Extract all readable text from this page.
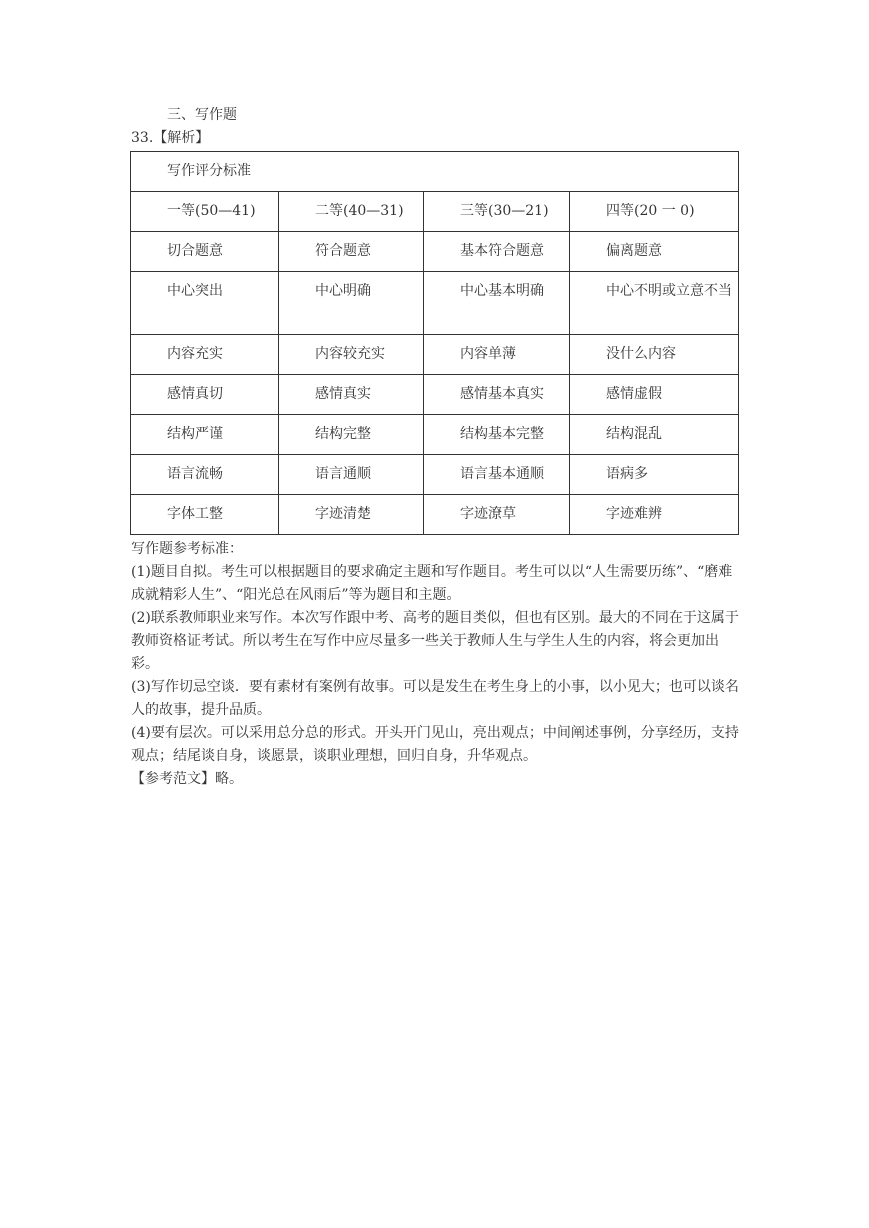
三、写作题
33.【解析】
写作评分标准			
一等(50—41)	二等(40—31)	三等(30—21)	四等(20 一 0)
切合题意	符合题意	基本符合题意	偏离题意
中心突出	中心明确	中心基本明确	中心不明或立意不当
内容充实	内容较充实	内容单薄	没什么内容
感情真切	感情真实	感情基本真实	感情虚假
结构严谨	结构完整	结构基本完整	结构混乱
语言流畅	语言通顺	语言基本通顺	语病多
字体工整	字迹清楚	字迹潦草	字迹难辨

写作题参考标准：

(1)题目自拟。考生可以根据题目的要求确定主题和写作题目。考生可以以“人生需要历练”、“磨难成就精彩人生”、“阳光总在风雨后”等为题目和主题。

(2)联系教师职业来写作。本次写作跟中考、高考的题目类似，但也有区别。最大的不同在于这属于教师资格证考试。所以考生在写作中应尽量多一些关于教师人生与学生人生的内容，将会更加出彩。

(3)写作切忌空谈．要有素材有案例有故事。可以是发生在考生身上的小事，以小见大；也可以谈名人的故事，提升品质。

(4)要有层次。可以采用总分总的形式。开头开门见山，亮出观点；中间阐述事例，分享经历，支持观点；结尾谈自身，谈愿景，谈职业理想，回归自身，升华观点。

【参考范文】略。
